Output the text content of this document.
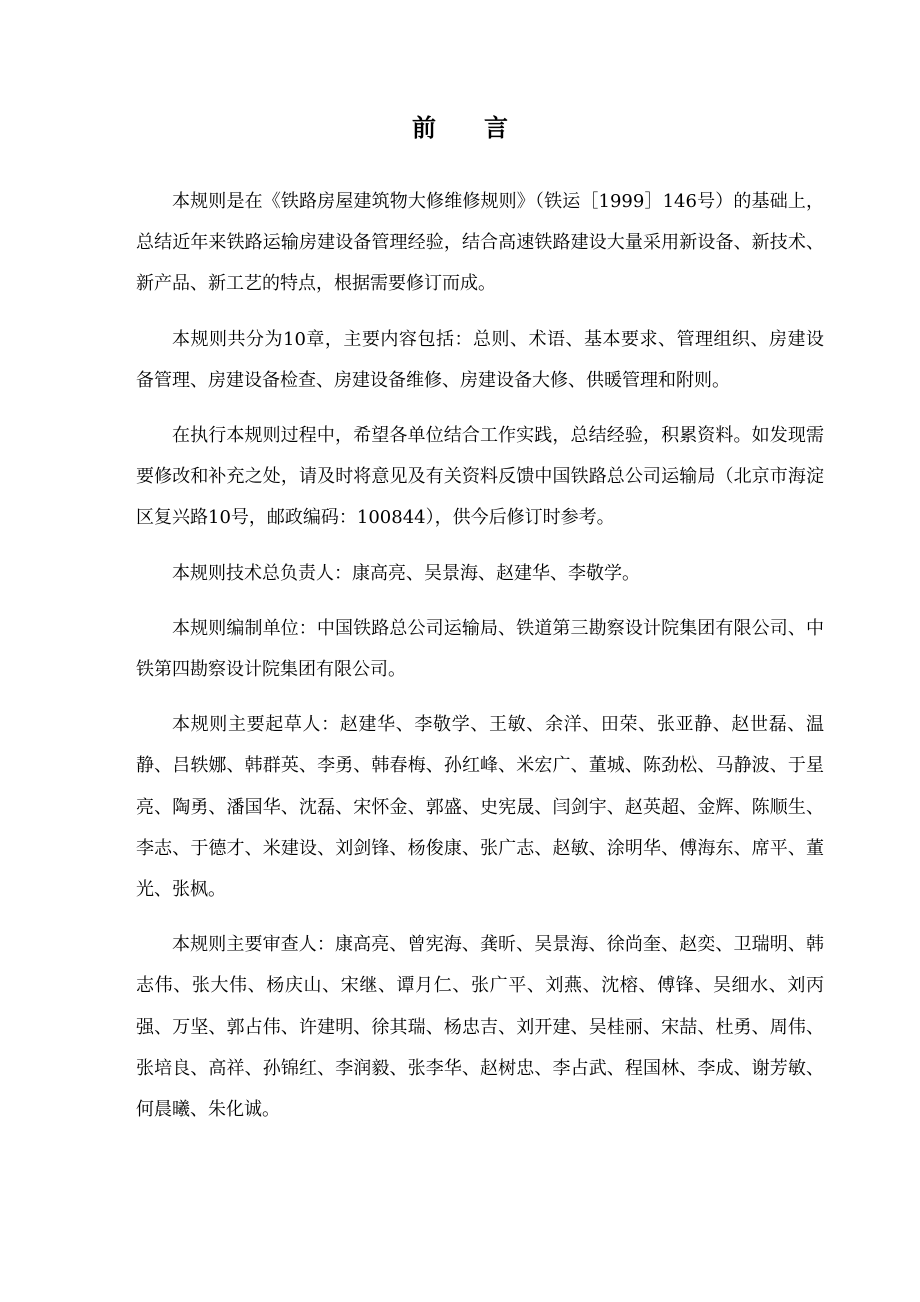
前言

本规则是在《铁路房屋建筑物大修维修规则》（铁运［1999］146号）的基础上，总结近年来铁路运输房建设备管理经验，结合高速铁路建设大量采用新设备、新技术、新产品、新工艺的特点，根据需要修订而成。

本规则共分为10章，主要内容包括：总则、术语、基本要求、管理组织、房建设备管理、房建设备检查、房建设备维修、房建设备大修、供暖管理和附则。

在执行本规则过程中，希望各单位结合工作实践，总结经验，积累资料。如发现需要修改和补充之处，请及时将意见及有关资料反馈中国铁路总公司运输局（北京市海淀区复兴路10号，邮政编码：100844），供今后修订时参考。

本规则技术总负责人：康高亮、吴景海、赵建华、李敬学。

本规则编制单位：中国铁路总公司运输局、铁道第三勘察设计院集团有限公司、中铁第四勘察设计院集团有限公司。

本规则主要起草人：赵建华、李敬学、王敏、余洋、田荣、张亚静、赵世磊、温静、吕轶娜、韩群英、李勇、韩春梅、孙红峰、米宏广、董城、陈劲松、马静波、于星亮、陶勇、潘国华、沈磊、宋怀金、郭盛、史宪晟、闫剑宇、赵英超、金辉、陈顺生、李志、于德才、米建设、刘剑锋、杨俊康、张广志、赵敏、涂明华、傅海东、席平、董光、张枫。

本规则主要审查人：康高亮、曾宪海、龚昕、吴景海、徐尚奎、赵奕、卫瑞明、韩志伟、张大伟、杨庆山、宋继、谭月仁、张广平、刘燕、沈榕、傅锋、吴细水、刘丙强、万坚、郭占伟、许建明、徐其瑞、杨忠吉、刘开建、吴桂丽、宋喆、杜勇、周伟、张培良、高祥、孙锦红、李润毅、张李华、赵树忠、李占武、程国林、李成、谢芳敏、何晨曦、朱化诚。
